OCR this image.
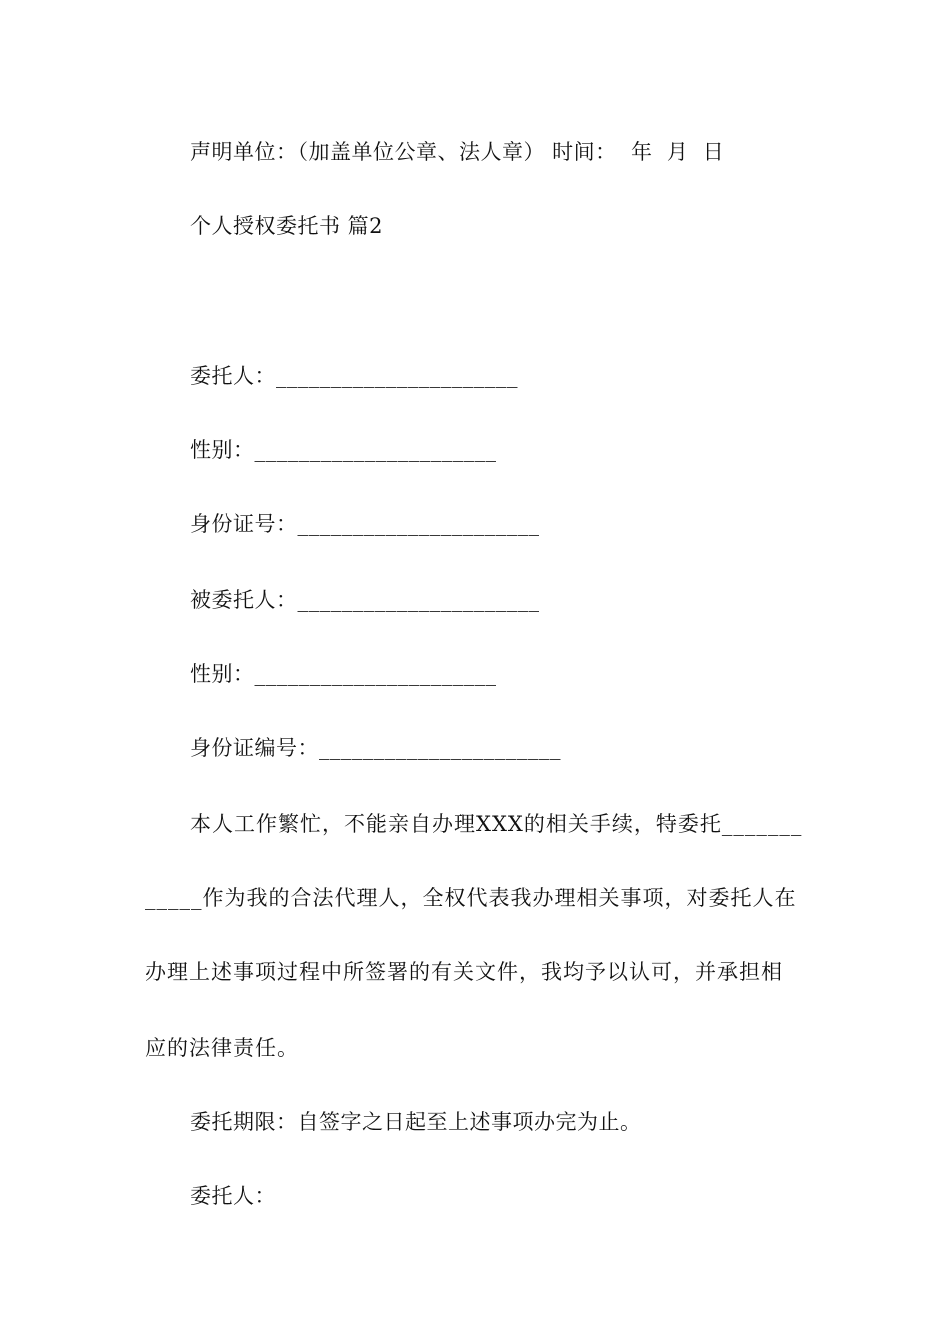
声明单位：（加盖单位公章、法人章） 时间：  年  月  日
个人授权委托书 篇2
委托人：______________________
性别：______________________
身份证号：______________________
被委托人：______________________
性别：______________________
身份证编号：______________________
本人工作繁忙，不能亲自办理XXX的相关手续，特委托_______
_____作为我的合法代理人，全权代表我办理相关事项，对委托人在
办理上述事项过程中所签署的有关文件，我均予以认可，并承担相
应的法律责任。
委托期限：自签字之日起至上述事项办完为止。
委托人：
